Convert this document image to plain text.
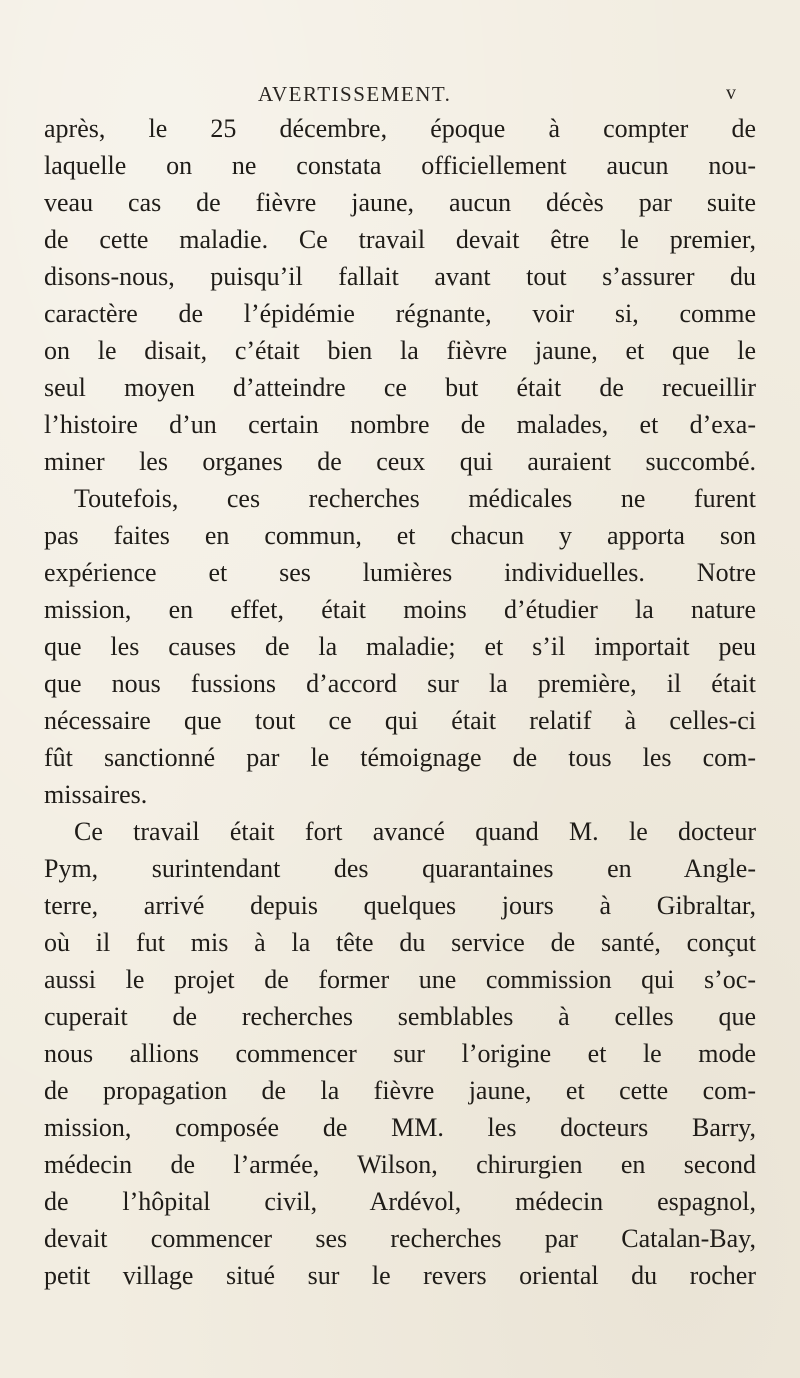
AVERTISSEMENT.	v
après, le 25 décembre, époque à compter de
laquelle on ne constata officiellement aucun nou-
veau cas de fièvre jaune, aucun décès par suite
de cette maladie. Ce travail devait être le premier,
disons-nous, puisqu’il fallait avant tout s’assurer du
caractère de l’épidémie régnante, voir si, comme
on le disait, c’était bien la fièvre jaune, et que le
seul moyen d’atteindre ce but était de recueillir
l’histoire d’un certain nombre de malades, et d’exa-
miner les organes de ceux qui auraient succombé.
Toutefois, ces recherches médicales ne furent
pas faites en commun, et chacun y apporta son
expérience et ses lumières individuelles. Notre
mission, en effet, était moins d’étudier la nature
que les causes de la maladie; et s’il importait peu
que nous fussions d’accord sur la première, il était
nécessaire que tout ce qui était relatif à celles-ci
fût sanctionné par le témoignage de tous les com-
missaires.
Ce travail était fort avancé quand M. le docteur
Pym, surintendant des quarantaines en Angle-
terre, arrivé depuis quelques jours à Gibraltar,
où il fut mis à la tête du service de santé, conçut
aussi le projet de former une commission qui s’oc-
cuperait de recherches semblables à celles que
nous allions commencer sur l’origine et le mode
de propagation de la fièvre jaune, et cette com-
mission, composée de MM. les docteurs Barry,
médecin de l’armée, Wilson, chirurgien en second
de l’hôpital civil, Ardévol, médecin espagnol,
devait commencer ses recherches par Catalan-Bay,
petit village situé sur le revers oriental du rocher
